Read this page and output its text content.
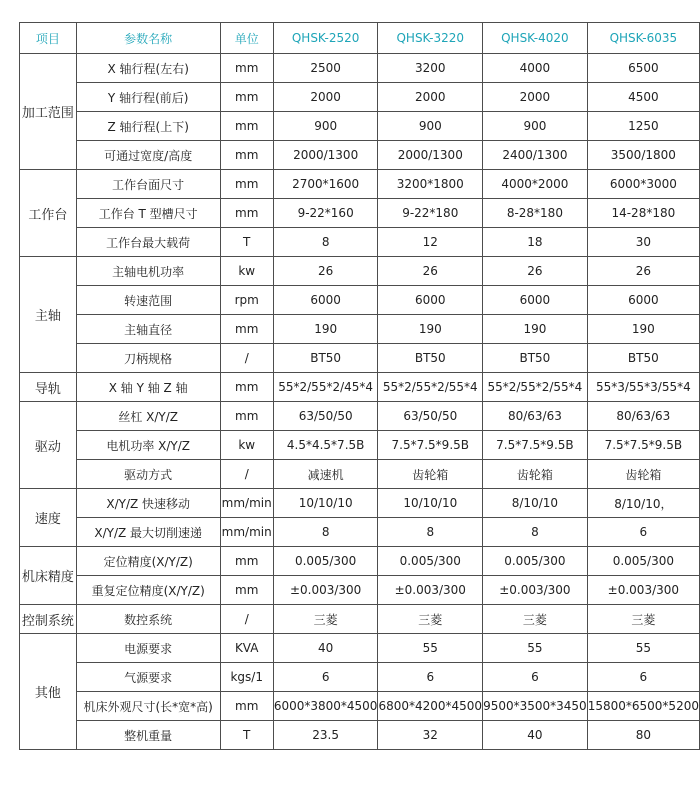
项目	参数名称	单位	QHSK-2520	QHSK-3220	QHSK-4020	QHSK-6035
加工范围	X 轴行程(左右)	mm	2500	3200	4000	6500
	Y 轴行程(前后)	mm	2000	2000	2000	4500
	Z 轴行程(上下)	mm	900	900	900	1250
	可通过宽度/高度	mm	2000/1300	2000/1300	2400/1300	3500/1800
工作台	工作台面尺寸	mm	2700*1600	3200*1800	4000*2000	6000*3000
	工作台 T 型槽尺寸	mm	9-22*160	9-22*180	8-28*180	14-28*180
	工作台最大载荷	T	8	12	18	30
主轴	主轴电机功率	kw	26	26	26	26
	转速范围	rpm	6000	6000	6000	6000
	主轴直径	mm	190	190	190	190
	刀柄规格	/	BT50	BT50	BT50	BT50
导轨	X 轴 Y 轴 Z 轴	mm	55*2/55*2/45*4	55*2/55*2/55*4	55*2/55*2/55*4	55*3/55*3/55*4
驱动	丝杠 X/Y/Z	mm	63/50/50	63/50/50	80/63/63	80/63/63
	电机功率 X/Y/Z	kw	4.5*4.5*7.5B	7.5*7.5*9.5B	7.5*7.5*9.5B	7.5*7.5*9.5B
	驱动方式	/	减速机	齿轮箱	齿轮箱	齿轮箱
速度	X/Y/Z 快速移动	mm/min	10/10/10	10/10/10	8/10/10	8/10/10，
	X/Y/Z 最大切削速递	mm/min	8	8	8	6
机床精度	定位精度(X/Y/Z)	mm	0.005/300	0.005/300	0.005/300	0.005/300
	重复定位精度(X/Y/Z)	mm	±0.003/300	±0.003/300	±0.003/300	±0.003/300
控制系统	数控系统	/	三菱	三菱	三菱	三菱
其他	电源要求	KVA	40	55	55	55
	气源要求	kgs/1	6	6	6	6
	机床外观尺寸(长*宽*高)	mm	6000*3800*4500	6800*4200*4500	9500*3500*3450	15800*6500*5200
	整机重量	T	23.5	32	40	80
